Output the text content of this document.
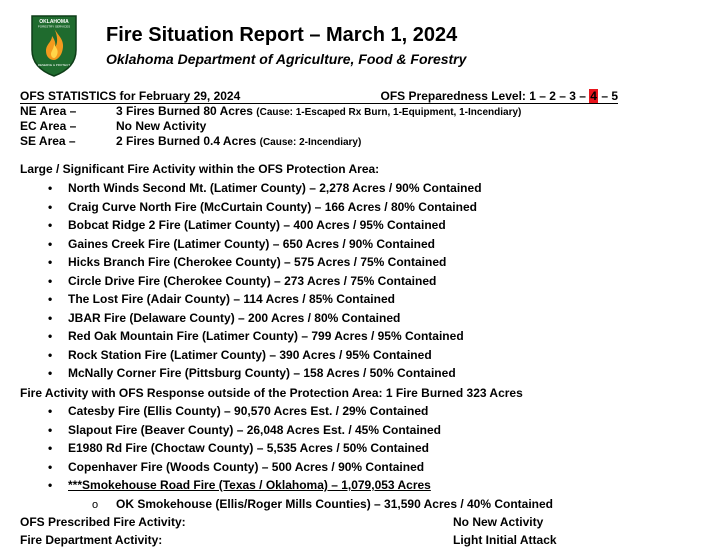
OKLAHOMA
FORESTRY SERVICES
RESERVE & PROTECT
Fire Situation Report – March 1, 2024
Oklahoma Department of Agriculture, Food & Forestry
OFS STATISTICS for February 29, 2024	OFS Preparedness Level: 1 – 2 – 3 – 4 – 5
NE Area –	3 Fires Burned 80 Acres (Cause: 1-Escaped Rx Burn, 1-Equipment, 1-Incendiary)
EC Area –	No New Activity
SE Area –	2 Fires Burned 0.4 Acres (Cause: 2-Incendiary)
Large / Significant Fire Activity within the OFS Protection Area:
•	North Winds Second Mt. (Latimer County) – 2,278 Acres / 90% Contained
•	Craig Curve North Fire (McCurtain County) – 166 Acres / 80% Contained
•	Bobcat Ridge 2 Fire (Latimer County) – 400 Acres / 95% Contained
•	Gaines Creek Fire (Latimer County) – 650 Acres / 90% Contained
•	Hicks Branch Fire (Cherokee County) – 575 Acres / 75% Contained
•	Circle Drive Fire (Cherokee County) – 273 Acres / 75% Contained
•	The Lost Fire (Adair County) – 114 Acres / 85% Contained
•	JBAR Fire (Delaware County) – 200 Acres / 80% Contained
•	Red Oak Mountain Fire (Latimer County) – 799 Acres / 95% Contained
•	Rock Station Fire (Latimer County) – 390 Acres / 95% Contained
•	McNally Corner Fire (Pittsburg County) – 158 Acres / 50% Contained
Fire Activity with OFS Response outside of the Protection Area: 1 Fire Burned 323 Acres
•	Catesby Fire (Ellis County) – 90,570 Acres Est. / 29% Contained
•	Slapout Fire (Beaver County) – 26,048 Acres Est. / 45% Contained
•	E1980 Rd Fire (Choctaw County) – 5,535 Acres / 50% Contained
•	Copenhaver Fire (Woods County) – 500 Acres / 90% Contained
•	***Smokehouse Road Fire (Texas / Oklahoma) – 1,079,053 Acres
o OK Smokehouse (Ellis/Roger Mills Counties) – 31,590 Acres / 40% Contained
OFS Prescribed Fire Activity:	No New Activity
Fire Department Activity:	Light Initial Attack
